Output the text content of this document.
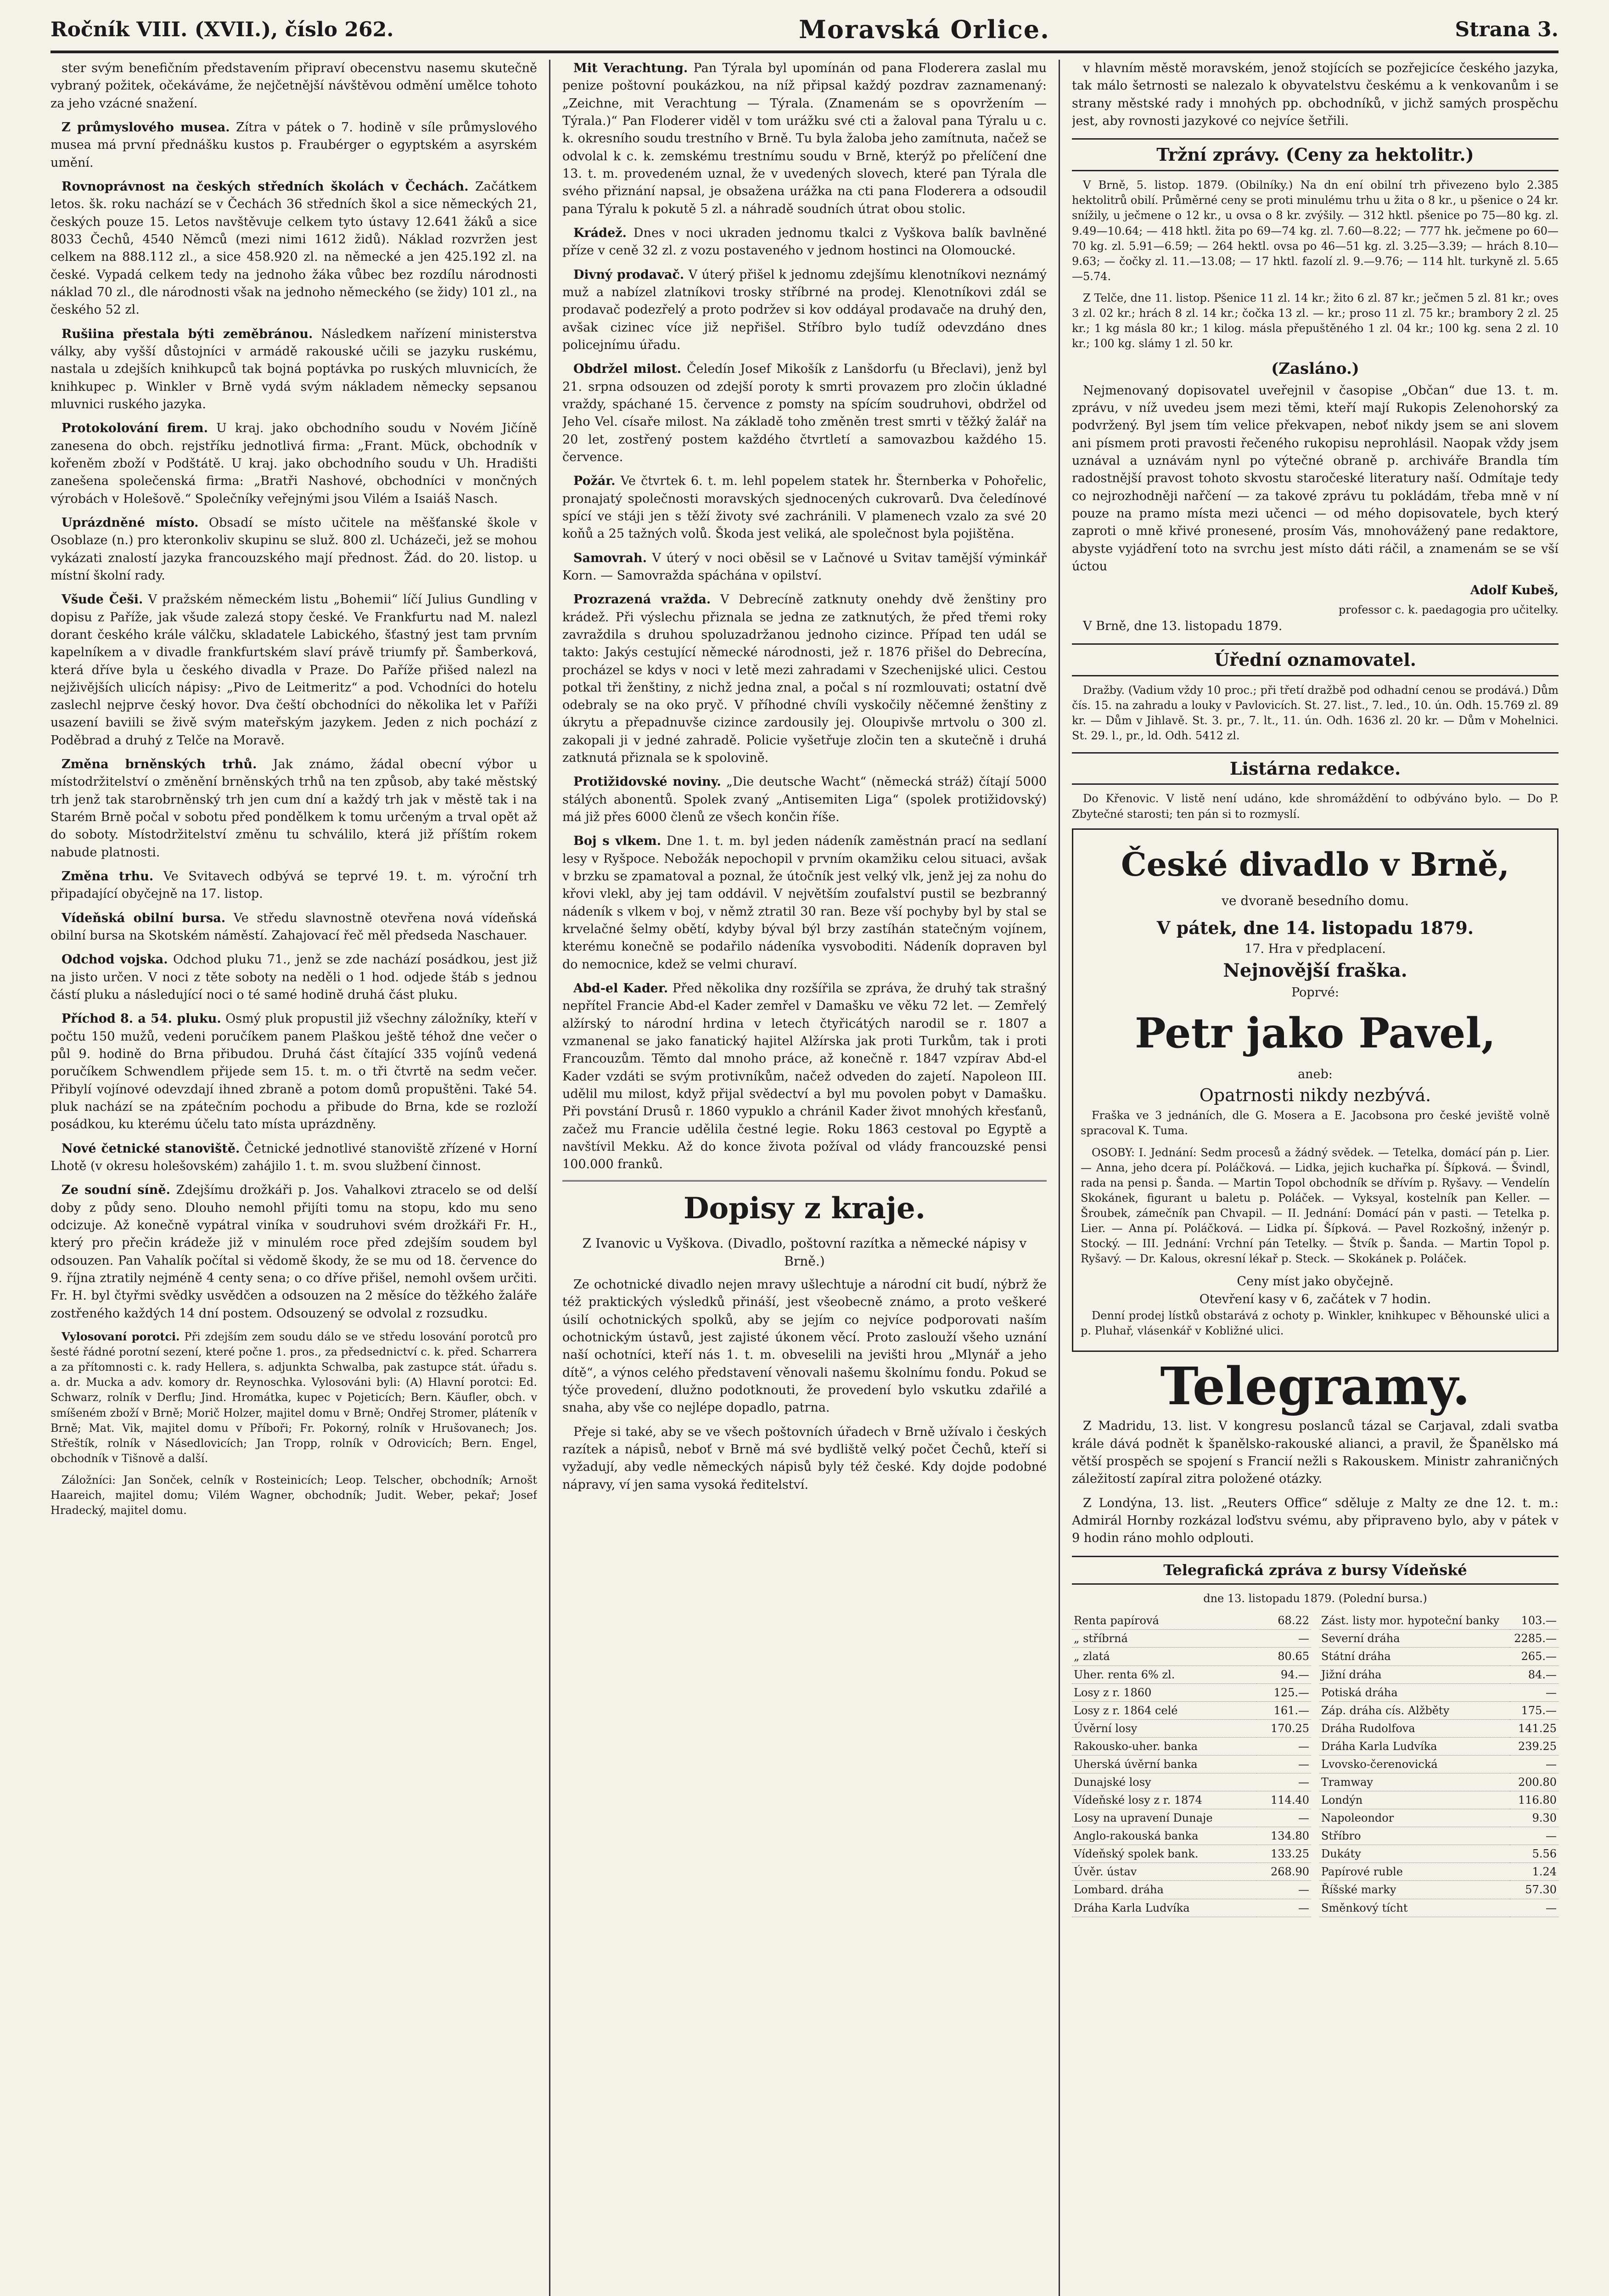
Ročník VIII. (XVII.), číslo 262.	Moravská Orlice.	Strana 3.

ster svým benefičním představením připraví obecenstvu nasemu skutečně vybraný požitek, očekáváme, že nejčetnější návštěvou odmění umělce tohoto za jeho vzácné snažení.

Z průmyslového musea. Zítra v pátek o 7. hodině v síle průmyslového musea má první přednášku kustos p. Fraubérger o egyptském a asyrském umění.

Rovnoprávnost na českých středních školách v Čechách. Začátkem letos. šk. roku nachází se v Čechách 36 středních škol a sice německých 21, českých pouze 15. Letos navštěvuje celkem tyto ústavy 12.641 žáků a sice 8033 Čechů, 4540 Němců (mezi nimi 1612 židů). Náklad rozvržen jest celkem na 888.112 zl., a sice 458.920 zl. na německé a jen 425.192 zl. na české. Vypadá celkem tedy na jednoho žáka vůbec bez rozdílu národnosti náklad 70 zl., dle národnosti však na jednoho německého (se židy) 101 zl., na českého 52 zl.

Rušiina přestala býti zeměbránou. Následkem nařízení ministerstva války, aby vyšší důstojníci v armádě rakouské učili se jazyku ruskému, nastala u zdejších knihkupců tak bojná poptávka po ruských mluvnicích, že knihkupec p. Winkler v Brně vydá svým nákladem německy sepsanou mluvnici ruského jazyka.

Protokolování firem. U kraj. jako obchodního soudu v Novém Jičíně zanesena do obch. rejstříku jednotlivá firma: „Frant. Mück, obchodník v kořeněm zboží v Podštátě. U kraj. jako obchodního soudu v Uh. Hradišti zanešena společenská firma: „Bratři Nashové, obchodníci v mončných výrobách v Holešově.“ Společníky veřejnými jsou Vilém a Isaiáš Nasch.

Uprázdněné místo. Obsadí se místo učitele na měšťanské škole v Osoblaze (n.) pro kteronkoliv skupinu se služ. 800 zl. Ucházeči, jež se mohou vykázati znalostí jazyka francouzského mají přednost. Žád. do 20. listop. u místní školní rady.

Všude Češi. V pražském německém listu „Bohemii“ líčí Julius Gundling v dopisu z Paříže, jak všude zalezá stopy české. Ve Frankfurtu nad M. nalezl dorant českého krále válčku, skladatele Labického, šťastný jest tam prvním kapelníkem a v divadle frankfurtském slaví právě triumfy př. Šamberková, která dříve byla u českého divadla v Praze. Do Paříže přišed nalezl na nejživějších ulicích nápisy: „Pivo de Leitmeritz“ a pod. Vchodníci do hotelu zaslechl nejprve český hovor. Dva čeští obchodníci do několika let v Paříži usazení baviili se živě svým mateřským jazykem. Jeden z nich pochází z Poděbrad a druhý z Telče na Moravě.

Změna brněnských trhů. Jak známo, žádal obecní výbor u místodržitelství o změnění brněnských trhů na ten způsob, aby také městský trh jenž tak starobrněnský trh jen cum dní a každý trh jak v městě tak i na Starém Brně počal v sobotu před pondělkem k tomu určeným a trval opět až do soboty. Místodržitelství změnu tu schválilo, která již příštím rokem nabude platnosti.

Změna trhu. Ve Svitavech odbývá se teprvé 19. t. m. výroční trh připadající obyčejně na 17. listop.

Vídeňská obilní bursa. Ve středu slavnostně otevřena nová vídeňská obilní bursa na Skotském náměstí. Zahajovací řeč měl předseda Naschauer.

Odchod vojska. Odchod pluku 71., jenž se zde nachází posádkou, jest již na jisto určen. V noci z těte soboty na neděli o 1 hod. odjede štáb s jednou částí pluku a následující noci o té samé hodině druhá část pluku.

Příchod 8. a 54. pluku. Osmý pluk propustil již všechny záložníky, kteří v počtu 150 mužů, vedeni poručíkem panem Plaškou ještě téhož dne večer o půl 9. hodině do Brna přibudou. Druhá část čítající 335 vojínů vedená poručíkem Schwendlem přijede sem 15. t. m. o tři čtvrtě na sedm večer. Přibylí vojínové odevzdají ihned zbraně a potom domů propuštěni. Také 54. pluk nachází se na zpátečním pochodu a přibude do Brna, kde se rozloží posádkou, ku kterému účelu tato místa uprázdněny.

Nové četnické stanoviště. Četnické jednotlivé stanoviště zřízené v Horní Lhotě (v okresu holešovském) zahájilo 1. t. m. svou službení činnost.

Ze soudní síně. Zdejšímu drožkáři p. Jos. Vahalkovi ztracelo se od delší doby z půdy seno. Dlouho nemohl přijíti tomu na stopu, kdo mu seno odcizuje. Až konečně vypátral viníka v soudruhovi svém drožkáři Fr. H., který pro přečin krádeže již v minulém roce před zdejším soudem byl odsouzen. Pan Vahalík počítal si vědomě škody, že se mu od 18. července do 9. října ztratily nejméně 4 centy sena; o co dříve přišel, nemohl ovšem určiti. Fr. H. byl čtyřmi svědky usvědčen a odsouzen na 2 měsíce do těžkého žaláře zostřeného každých 14 dní postem. Odsouzený se odvolal z rozsudku.

Vylosovaní porotci. Při zdejším zem soudu dálo se ve středu losování porotců pro šesté řádné porotní sezení, které počne 1. pros., za předsednictví c. k. před. Scharrera a za přítomnosti c. k. rady Hellera, s. adjunkta Schwalba, pak zastupce stát. úřadu s. a. dr. Muckа a adv. komory dr. Reynoschka. Vylosováni byli: (A) Hlavní porotci: Ed. Schwarz, rolník v Derflu; Jind. Hromátka, kupec v Pojeticích; Bern. Käufler, obch. v smíšeném zboží v Brně; Morič Holzer, majitel domu v Brně; Ondřej Stromer, pláteník v Brně; Mat. Vik, majitel domu v Příboři; Fr. Pokorný, rolník v Hrušovanech; Jos. Střeštík, rolník v Násedlovicích; Jan Tropp, rolník v Odrovicích; Bern. Engel, obchodník v Tišnově a další.

Záložníci: Jan Sonček, celník v Rosteinicích; Leop. Telscher, obchodník; Arnošt Haareich, majitel domu; Vilém Wagner, obchodník; Judit. Weber, pekař; Josef Hradecký, majitel domu.

Mit Verachtung. Pan Týrala byl upomínán od pana Floderera zaslal mu penize poštovní poukázkou, na níž připsal každý pozdrav zaznamenaný: „Zeichne, mit Verachtung — Týrala. (Znamenám se s opovržením — Týrala.)“ Pan Floderer viděl v tom urážku své cti a žaloval pana Týralu u c. k. okresního soudu trestního v Brně. Tu byla žaloba jeho zamítnuta, načež se odvolal k c. k. zemskému trestnímu soudu v Brně, kterýž po přelíčení dne 13. t. m. provedeném uznal, že v uvedených slovech, které pan Týrala dle svého přiznání napsal, je obsažena urážka na cti pana Floderera a odsoudil pana Týralu k pokutě 5 zl. a náhradě soudních útrat obou stolic.

Krádež. Dnes v noci ukraden jednomu tkalci z Vyškova balík bavlněné příze v ceně 32 zl. z vozu postaveného v jednom hostinci na Olomoucké.

Divný prodavač. V úterý přišel k jednomu zdejšímu klenotníkovi neznámý muž a nabízel zlatníkovi trosky stříbrné na prodej. Klenotníkovi zdál se prodavač podezřelý a proto podržev si kov oddáyal prodavače na druhý den, avšak cizinec více již nepřišel. Stříbro bylo tudíž odevzdáno dnes policejnímu úřadu.

Obdržel milost. Čeledín Josef Mikošík z Lanšdorfu (u Břeclavi), jenž byl 21. srpna odsouzen od zdejší poroty k smrti provazem pro zločin úkladné vraždy, spáchané 15. července z pomsty na spícím soudruhovi, obdržel od Jeho Vel. císaře milost. Na základě toho změněn trest smrti v těžký žalář na 20 let, zostřený postem každého čtvrtletí a samovazbou každého 15. července.

Požár. Ve čtvrtek 6. t. m. lehl popelem statek hr. Šternberka v Pohořelic, pronajatý společnosti moravských sjednocených cukrovarů. Dva čeledínové spící ve stáji jen s těží životy své zachránili. V plamenech vzalo za své 20 koňů a 25 tažných volů. Škoda jest veliká, ale společnost byla pojištěna.

Samovrah. V úterý v noci oběsil se v Lačnové u Svitav tamější výminkář Korn. — Samovražda spáchána v opilství.

Prozrazená vražda. V Debrecíně zatknuty onehdy dvě ženštiny pro krádež. Při výslechu přiznala se jedna ze zatknutých, že před třemi roky zavraždila s druhou spoluzadržanou jednoho cizince. Případ ten udál se takto: Jakýs cestující německé národnosti, jež r. 1876 přišel do Debrecína, procházel se kdys v noci v letě mezi zahradami v Szechenijské ulici. Cestou potkal tři ženštiny, z nichž jedna znal, a počal s ní rozmlouvati; ostatní dvě odebraly se na oko pryč. V příhodné chvíli vyskočily něčemné ženštiny z úkrytu a přepadnuvše cizince zardousily jej. Oloupivše mrtvolu o 300 zl. zakopali ji v jedné zahradě. Policie vyšetřuje zločin ten a skutečně i druhá zatknutá přiznala se k spolovině.

Protižidovské noviny. „Die deutsche Wacht“ (německá stráž) čítají 5000 stálých abonentů. Spolek zvaný „Antisemiten Liga“ (spolek protižidovský) má již přes 6000 členů ze všech končin říše.

Boj s vlkem. Dne 1. t. m. byl jeden nádeník zaměstnán prací na sedlaní lesy v Ryšpoce. Nebožák nepochopil v prvním okamžiku celou situaci, avšak v brzku se zpamatoval a poznal, že útočník jest velký vlk, jenž jej za nohu do křovi vlekl, aby jej tam oddávil. V největším zoufalství pustil se bezbranný nádeník s vlkem v boj, v němž ztratil 30 ran. Beze vší pochyby byl by stal se krvelačné šelmy obětí, kdyby býval býl brzy zastíhán statečným vojínem, kterému konečně se podařilo nádeníka vysvoboditi. Nádeník dopraven byl do nemocnice, kdež se velmi churaví.

Abd-el Kader. Před několika dny rozšířila se zpráva, že druhý tak strašný nepřítel Francie Abd-el Kader zemřel v Damašku ve věku 72 let. — Zemřelý alžírský to národní hrdina v letech čtyřicátých narodil se r. 1807 a vzmanenal se jako fanatický hajitel Alžírska jak proti Turkům, tak i proti Francouzům. Těmto dal mnoho práce, až konečně r. 1847 vzpírav Abd-el Kader vzdáti se svým protivníkům, načež odveden do zajetí. Napoleon III. udělil mu milost, když přijal svědectví a byl mu povolen pobyt v Damašku. Při povstání Drusů r. 1860 vypuklo a chránil Kader život mnohých křesťanů, začež mu Francie udělila čestné legie. Roku 1863 cestoval po Egyptě a navštívil Mekku. Až do konce života požíval od vlády francouzské pensi 100.000 franků.

Dopisy z kraje.
Z Ivanovic u Vyškova. (Divadlo, poštovní razítka a německé nápisy v Brně.)

Ze ochotnické divadlo nejen mravy ušlechtuje a národní cit budí, nýbrž že též praktických výsledků přináší, jest všeobecně známo, a proto veškeré úsilí ochotnických spolků, aby se jejím co nejvíce podporovati naším ochotnickým ústavů, jest zajisté úkonem věcí. Proto zaslouží všeho uznání naší ochotníci, kteří nás 1. t. m. obveselili na jevišti hrou „Mlynář a jeho dítě“, a výnos celého představení věnovali našemu školnímu fondu. Pokud se týče provedení, dlužno podotknouti, že provedení bylo vskutku zdařilé a snaha, aby vše co nejlépe dopadlo, patrna.

Přeje si také, aby se ve všech poštovních úřadech v Brně užívalo i českých razítek a nápisů, neboť v Brně má své bydliště velký počet Čechů, kteří si vyžadují, aby vedle německých nápisů byly též české. Kdy dojde podobné nápravy, ví jen sama vysoká ředitelství.

v hlavním městě moravském, jenož stojících se pozřejicíce českého jazyka, tak málo šetrnosti se nalezalo k obyvatelstvu českému a k venkovanům i se strany městské rady i mnohých pp. obchodníků, v jichž samých prospěchu jest, aby rovnosti jazykové co nejvíce šetřili.

Tržní zprávy. (Ceny za hektolitr.)

V Brně, 5. listop. 1879. (Obilníky.) Na dn ení obilní trh přivezeno bylo 2.385 hektolitrů obilí. Průměrné ceny se proti minulému trhu u žita o 8 kr., u pšenice o 24 kr. snížily, u ječmene o 12 kr., u ovsa o 8 kr. zvýšily. — 312 hktl. pšenice po 75—80 kg. zl. 9.49—10.64; — 418 hktl. žita po 69—74 kg. zl. 7.60—8.22; — 777 hk. ječmene po 60—70 kg. zl. 5.91—6.59; — 264 hektl. ovsa po 46—51 kg. zl. 3.25—3.39; — hrách 8.10—9.63; — čočky zl. 11.—13.08; — 17 hktl. fazolí zl. 9.—9.76; — 114 hlt. turkyně zl. 5.65—5.74.

Z Telče, dne 11. listop. Pšenice 11 zl. 14 kr.; žito 6 zl. 87 kr.; ječmen 5 zl. 81 kr.; oves 3 zl. 02 kr.; hrách 8 zl. 14 kr.; čočka 13 zl. — kr.; proso 11 zl. 75 kr.; brambory 2 zl. 25 kr.; 1 kg másla 80 kr.; 1 kilog. másla přepuštěného 1 zl. 04 kr.; 100 kg. sena 2 zl. 10 kr.; 100 kg. slámy 1 zl. 50 kr.

(Zasláno.)

Nejmenovaný dopisovatel uveřejnil v časopise „Občan“ due 13. t. m. zprávu, v níž uvedeu jsem mezi těmi, kteří mají Rukopis Zelenohorský za podvržený. Byl jsem tím velice překvapen, neboť nikdy jsem se ani slovem ani písmem proti pravosti řečeného rukopisu neprohlásil. Naopak vždy jsem uznával a uznávám nynl po výtečné obraně p. archiváře Brandla tím radostnější pravost tohoto skvostu staročeské literatury naší. Odmítaje tedy co nejrozhodněji nařčení — za takové zprávu tu pokládám, třeba mně v ní pouze na pramo místa mezi učenci — od mého dopisovatele, bych který zaproti o mně křivé pronesené, prosím Vás, mnohovážený pane redaktore, abyste vyjádření toto na svrchu jest místo dáti ráčil, a znamenám se se vší úctou

Adolf Kubeš,
professor c. k. paedagogia pro učitelky.

V Brně, dne 13. listopadu 1879.

Úřední oznamovatel.

Dražby. (Vadium vždy 10 proc.; při třetí dražbě pod odhadní cenou se prodává.) Dům čís. 15. na zahradu a louky v Pavlovicích. St. 27. list., 7. led., 10. ún. Odh. 15.769 zl. 89 kr. — Dům v Jihlavě. St. 3. pr., 7. lt., 11. ún. Odh. 1636 zl. 20 kr. — Dům v Mohelnici. St. 29. l., pr., ld. Odh. 5412 zl.

Listárna redakce.

Do Křenovic. V listě není udáno, kde shromáždění to odbýváno bylo. — Do P. Zbytečné starosti; ten pán si to rozmyslí.

České divadlo v Brně,
ve dvoraně besedního domu.
V pátek, dne 14. listopadu 1879.
17. Hra v předplacení.
Nejnovější fraška.
Poprvé:
Petr jako Pavel,
aneb:
Opatrnosti nikdy nezbývá.

Fraška ve 3 jednáních, dle G. Mosera a E. Jacobsona pro české jeviště volně spracoval K. Tuma.

OSOBY: I. Jednání: Sedm procesů a žádný svědek. — Tetelka, domácí pán p. Lier. — Anna, jeho dcera pí. Poláčková. — Lidka, jejich kuchařka pí. Šípková. — Švindl, rada na pensi p. Šanda. — Martin Topol obchodník se dřívím p. Ryšavy. — Vendelín Skokánek, figurant u baletu p. Poláček. — Vyksyal, kostelník pan Keller. — Šroubek, zámečník pan Chvapil. — II. Jednání: Domácí pán v pasti. — Tetelka p. Lier. — Anna pí. Poláčková. — Lidka pí. Šípková. — Pavel Rozkošný, inženýr p. Stocký. — III. Jednání: Vrchní pán Tetelky. — Štvík p. Šanda. — Martin Topol p. Ryšavý. — Dr. Kalous, okresní lékař p. Steck. — Skokánek p. Poláček.

Ceny míst jako obyčejně.
Otevření kasy v 6, začátek v 7 hodin.

Denní prodej lístků obstarává z ochoty p. Winkler, knihkupec v Běhounské ulici a p. Pluhař, vlásenkář v Kobližné ulici.

Telegramy.

Z Madridu, 13. list. V kongresu poslanců tázal se Carjaval, zdali svatba krále dává podnět k španělsko-rakouské alianci, a pravil, že Španělsko má větší prospěch se spojení s Francií nežli s Rakouskem. Ministr zahraničných záležitostí zapíral zitra položené otázky.

Z Londýna, 13. list. „Reuters Office“ sděluje z Malty ze dne 12. t. m.: Admirál Hornby rozkázal loďstvu svému, aby připraveno bylo, aby v pátek v 9 hodin ráno mohlo odplouti.

Telegrafická zpráva z bursy Vídeňské
dne 13. listopadu 1879. (Polední bursa.)
Renta papírová	68.22
„ stříbrná	—
„ zlatá	80.65
Uher. renta 6% zl.	94.—
Losy z r. 1860	125.—
Losy z r. 1864 celé	161.—
Úvěrní losy	170.25
Rakousko-uher. banka	—
Uherská úvěrní banka	—
Dunajské losy	—
Vídeňské losy z r. 1874	114.40
Losy na upravení Dunaje	—
Anglo-rakouská banka	134.80
Vídeňský spolek bank.	133.25
Úvěr. ústav	268.90
Lombard. dráha	—
Dráha Karla Ludvíka	—
Zást. listy mor. hypoteční banky	103.—
Severní dráha	2285.—
Státní dráha	265.—
Jižní dráha	84.—
Potiská dráha	—
Záp. dráha cís. Alžběty	175.—
Dráha Rudolfova	141.25
Dráha Karla Ludvíka	239.25
Lvovsko-čerenovická	—
Tramway	200.80
Londýn	116.80
Napoleondor	9.30
Stříbro	—
Dukáty	5.56
Papírové ruble	1.24
Říšské marky	57.30
Směnkový tícht	—
